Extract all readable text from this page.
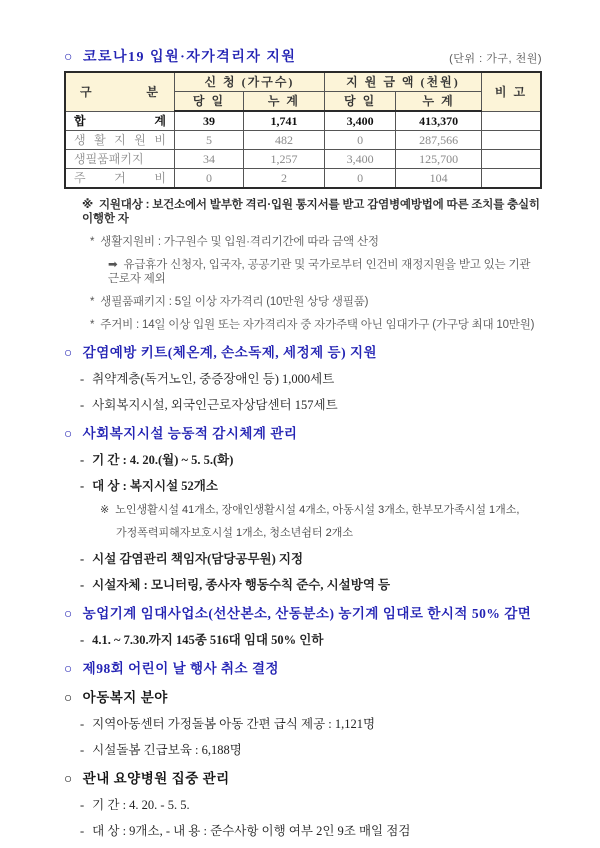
○ 코로나19 입원·자가격리자 지원	(단위 : 가구, 천원)
구 분	신 청 (가구수)		지 원 금 액 (천원)		비 고
	당 일	누 계	당 일	누 계	
합 계	39	1,741	3,400	413,370	
생 활 지 원 비	5	482	0	287,566	
생필품패키지	34	1,257	3,400	125,700	
주 거 비	0	2	0	104	
※ 지원대상 : 보건소에서 발부한 격리·입원 통지서를 받고 감염병예방법에 따른 조치를 충실히 이행한 자
* 생활지원비 : 가구원수 및 입원·격리기간에 따라 금액 산정
➡ 유급휴가 신청자, 입국자, 공공기관 및 국가로부터 인건비 재정지원을 받고 있는 기관 근로자 제외
* 생필품패키지 : 5일 이상 자가격리 (10만원 상당 생필품)
* 주거비 : 14일 이상 입원 또는 자가격리자 중 자가주택 아닌 임대가구 (가구당 최대 10만원)
○ 감염예방 키트(체온계, 손소독제, 세정제 등) 지원
- 취약계층(독거노인, 중증장애인 등) 1,000세트
- 사회복지시설, 외국인근로자상담센터 157세트
○ 사회복지시설 능동적 감시체계 관리
- 기 간 : 4. 20.(월) ~ 5. 5.(화)
- 대 상 : 복지시설 52개소
※ 노인생활시설 41개소, 장애인생활시설 4개소, 아동시설 3개소, 한부모가족시설 1개소,
가정폭력피해자보호시설 1개소, 청소년쉼터 2개소
- 시설 감염관리 책임자(담당공무원) 지정
- 시설자체 : 모니터링, 종사자 행동수칙 준수, 시설방역 등
○ 농업기계 임대사업소(선산본소, 산동분소) 농기계 임대로 한시적 50% 감면
- 4.1. ~ 7.30.까지 145종 516대 임대 50% 인하
○ 제98회 어린이 날 행사 취소 결정
○ 아동복지 분야
- 지역아동센터 가정돌봄 아동 간편 급식 제공 : 1,121명
- 시설돌봄 긴급보육 : 6,188명
○ 관내 요양병원 집중 관리
- 기 간 : 4. 20. - 5. 5.
- 대 상 : 9개소, - 내 용 : 준수사항 이행 여부 2인 9조 매일 점검
